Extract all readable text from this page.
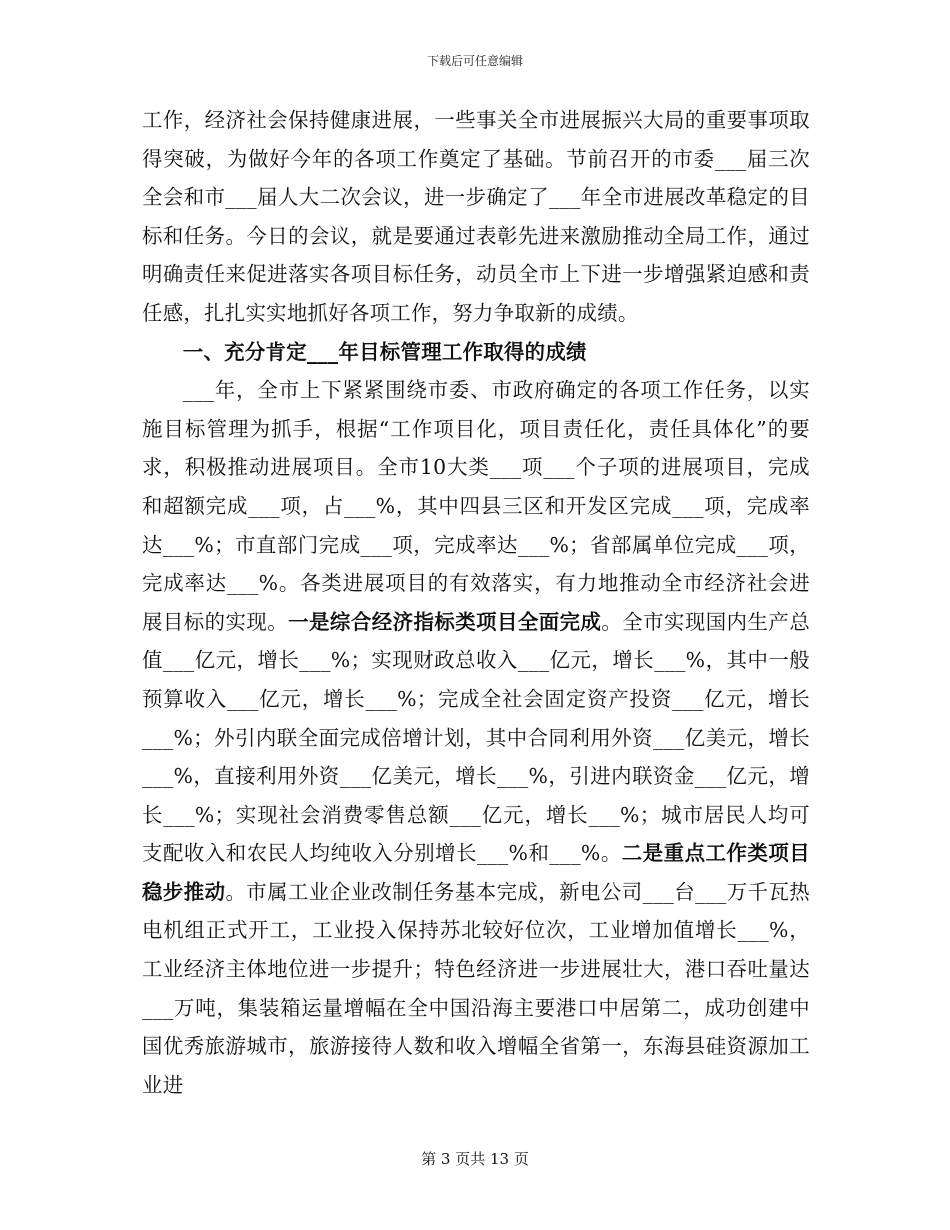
下载后可任意编辑

工作，经济社会保持健康进展，一些事关全市进展振兴大局的重要事项取得突破，为做好今年的各项工作奠定了基础。节前召开的市委___届三次全会和市___届人大二次会议，进一步确定了___年全市进展改革稳定的目标和任务。今日的会议，就是要通过表彰先进来激励推动全局工作，通过明确责任来促进落实各项目标任务，动员全市上下进一步增强紧迫感和责任感，扎扎实实地抓好各项工作，努力争取新的成绩。

一、充分肯定___年目标管理工作取得的成绩

___年，全市上下紧紧围绕市委、市政府确定的各项工作任务，以实施目标管理为抓手，根据“工作项目化，项目责任化，责任具体化”的要求，积极推动进展项目。全市10大类___项___个子项的进展项目，完成和超额完成___项，占___%，其中四县三区和开发区完成___项，完成率达___%；市直部门完成___项，完成率达___%；省部属单位完成___项，完成率达___%。各类进展项目的有效落实，有力地推动全市经济社会进展目标的实现。一是综合经济指标类项目全面完成。全市实现国内生产总值___亿元，增长___%；实现财政总收入___亿元，增长___%，其中一般预算收入___亿元，增长___%；完成全社会固定资产投资___亿元，增长___%；外引内联全面完成倍增计划，其中合同利用外资___亿美元，增长___%，直接利用外资___亿美元，增长___%，引进内联资金___亿元，增长___%；实现社会消费零售总额___亿元，增长___%；城市居民人均可支配收入和农民人均纯收入分别增长___%和___%。二是重点工作类项目稳步推动。市属工业企业改制任务基本完成，新电公司___台___万千瓦热电机组正式开工，工业投入保持苏北较好位次，工业增加值增长___%，工业经济主体地位进一步提升；特色经济进一步进展壮大，港口吞吐量达___万吨，集装箱运量增幅在全中国沿海主要港口中居第二，成功创建中国优秀旅游城市，旅游接待人数和收入增幅全省第一，东海县硅资源加工业进

第 3 页共 13 页
